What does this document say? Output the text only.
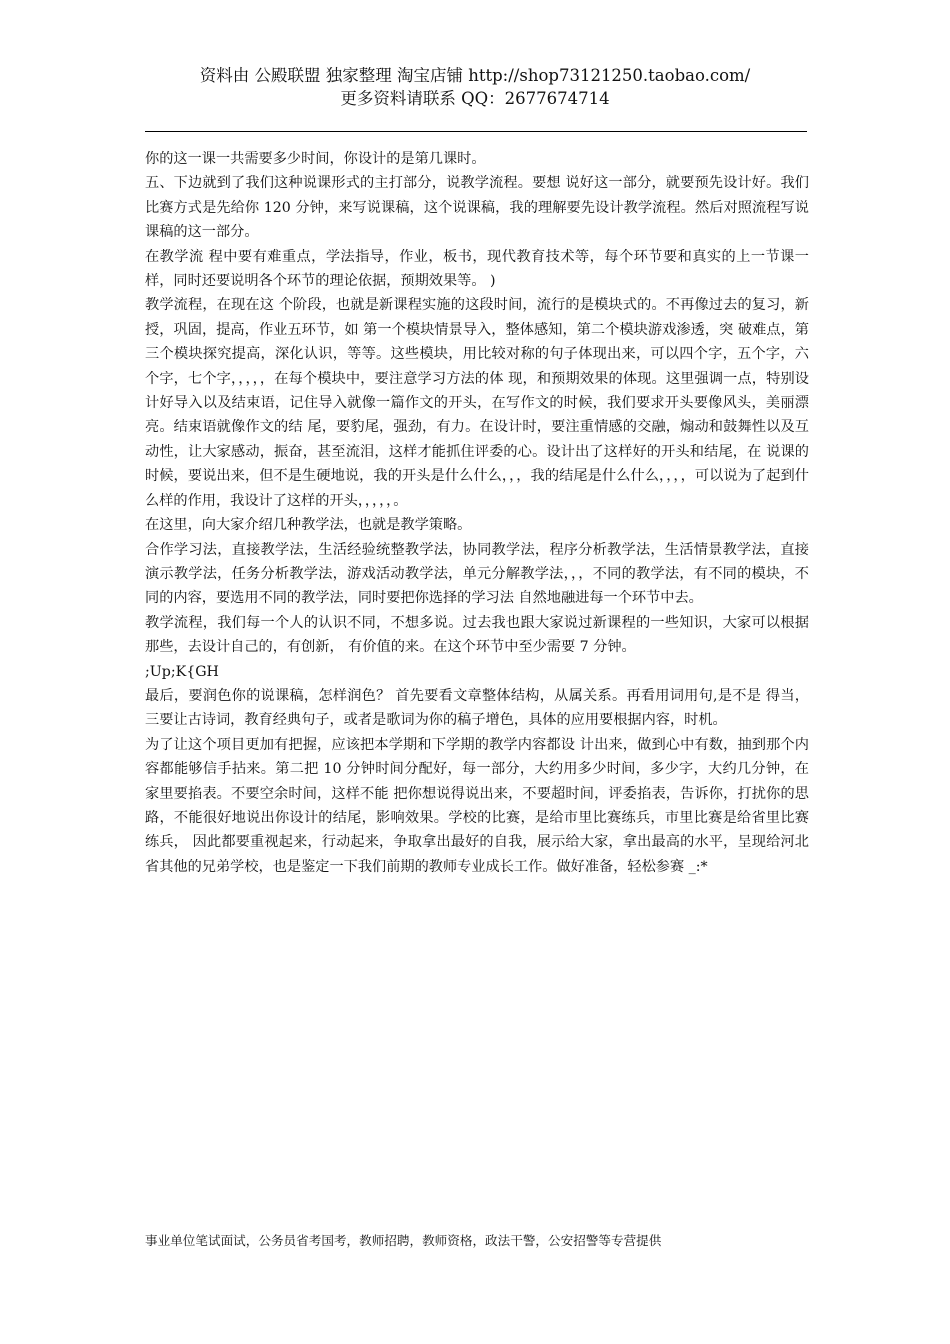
资料由 公殿联盟 独家整理 淘宝店铺 http://shop73121250.taobao.com/
更多资料请联系 QQ：2677674714

你的这一课一共需要多少时间，你设计的是第几课时。

五、下边就到了我们这种说课形式的主打部分，说教学流程。要想 说好这一部分，就要预先设计好。我们比赛方式是先给你 120 分钟，来写说课稿，这个说课稿，我的理解要先设计教学流程。然后对照流程写说课稿的这一部分。

在教学流 程中要有难重点，学法指导，作业，板书，现代教育技术等，每个环节要和真实的上一节课一样，同时还要说明各个环节的理论依据，预期效果等。 )

教学流程，在现在这 个阶段，也就是新课程实施的这段时间，流行的是模块式的。不再像过去的复习，新授，巩固，提高，作业五环节，如 第一个模块情景导入，整体感知，第二个模块游戏渗透，突 破难点，第三个模块探究提高，深化认识，等等。这些模块，用比较对称的句子体现出来，可以四个字，五个字，六个字，七个字，，，，，在每个模块中，要注意学习方法的体 现，和预期效果的体现。这里强调一点，特别设计好导入以及结束语，记住导入就像一篇作文的开头，在写作文的时候，我们要求开头要像风头，美丽漂亮。结束语就像作文的结 尾，要豹尾，强劲，有力。在设计时，要注重情感的交融，煽动和鼓舞性以及互动性，让大家感动，振奋，甚至流泪，这样才能抓住评委的心。设计出了这样好的开头和结尾，在 说课的时候，要说出来，但不是生硬地说，我的开头是什么什么，，，我的结尾是什么什么，，，，可以说为了起到什么样的作用，我设计了这样的开头，，，，，。

在这里，向大家介绍几种教学法，也就是教学策略。

合作学习法，直接教学法，生活经验统整教学法，协同教学法，程序分析教学法，生活情景教学法，直接演示教学法，任务分析教学法，游戏活动教学法，单元分解教学法，，，不同的教学法，有不同的模块，不同的内容，要选用不同的教学法，同时要把你选择的学习法 自然地融进每一个环节中去。

教学流程，我们每一个人的认识不同，不想多说。过去我也跟大家说过新课程的一些知识，大家可以根据那些，去设计自己的，有创新， 有价值的来。在这个环节中至少需要 7 分钟。

;Up;K{GH

最后，要润色你的说课稿，怎样润色？ 首先要看文章整体结构，从属关系。再看用词用句,是不是 得当，三要让古诗词，教育经典句子，或者是歌词为你的稿子增色，具体的应用要根据内容，时机。

为了让这个项目更加有把握，应该把本学期和下学期的教学内容都设 计出来，做到心中有数，抽到那个内容都能够信手拈来。第二把 10 分钟时间分配好，每一部分，大约用多少时间，多少字，大约几分钟，在家里要掐表。不要空余时间，这样不能 把你想说得说出来，不要超时间，评委掐表，告诉你，打扰你的思路，不能很好地说出你设计的结尾，影响效果。学校的比赛，是给市里比赛练兵，市里比赛是给省里比赛练兵， 因此都要重视起来，行动起来，争取拿出最好的自我，展示给大家，拿出最高的水平，呈现给河北省其他的兄弟学校，也是鉴定一下我们前期的教师专业成长工作。做好准备，轻松参赛 _:*

事业单位笔试面试，公务员省考国考，教师招聘，教师资格，政法干警，公安招警等专营提供
